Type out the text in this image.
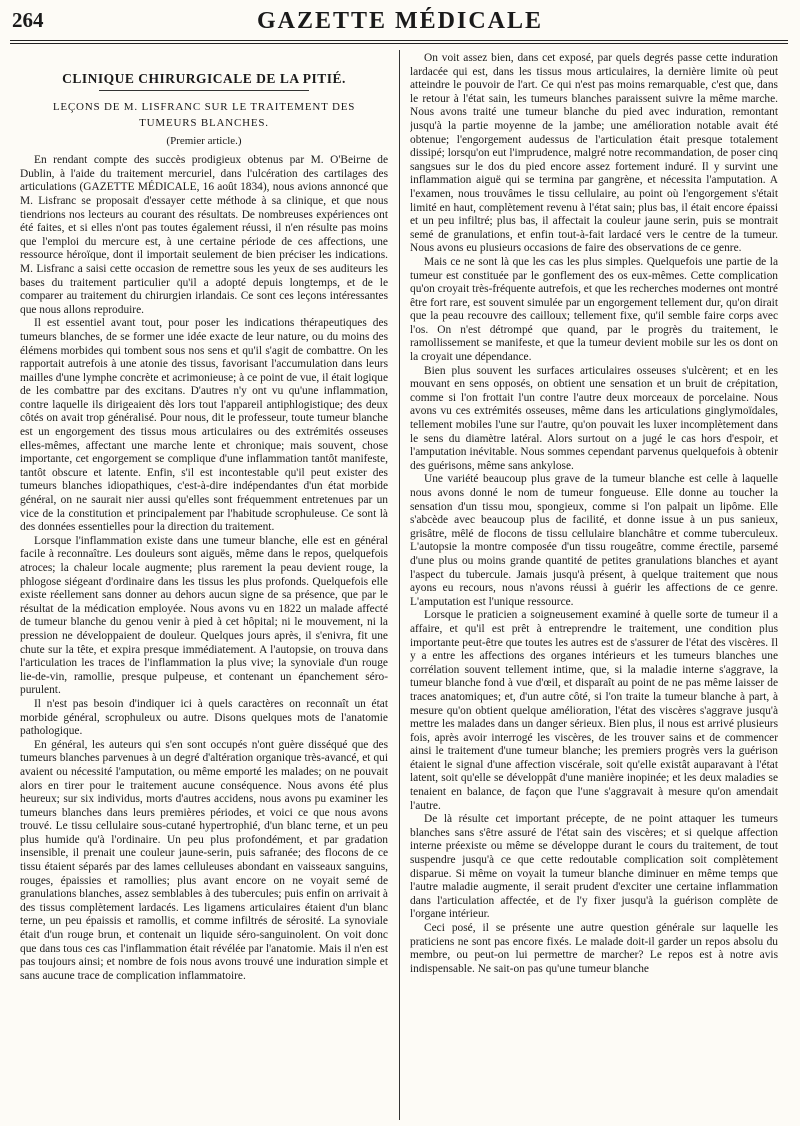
264	GAZETTE MÉDICALE
CLINIQUE CHIRURGICALE DE LA PITIÉ.
LEÇONS DE M. LISFRANC SUR LE TRAITEMENT DES TUMEURS BLANCHES.
(Premier article.)

En rendant compte des succès prodigieux obtenus par M. O'Beirne de Dublin, à l'aide du traitement mercuriel, dans l'ulcération des cartilages des articulations (GAZETTE MÉDICALE, 16 août 1834), nous avions annoncé que M. Lisfranc se proposait d'essayer cette méthode à sa clinique, et que nous tiendrions nos lecteurs au courant des résultats. De nombreuses expériences ont été faites, et si elles n'ont pas toutes également réussi, il n'en résulte pas moins que l'emploi du mercure est, à une certaine période de ces affections, une ressource héroïque, dont il importait seulement de bien préciser les indications. M. Lisfranc a saisi cette occasion de remettre sous les yeux de ses auditeurs les bases du traitement particulier qu'il a adopté depuis longtemps, et de le comparer au traitement du chirurgien irlandais. Ce sont ces leçons intéressantes que nous allons reproduire.

Il est essentiel avant tout, pour poser les indications thérapeutiques des tumeurs blanches, de se former une idée exacte de leur nature, ou du moins des élémens morbides qui tombent sous nos sens et qu'il s'agit de combattre. On les rapportait autrefois à une atonie des tissus, favorisant l'accumulation dans leurs mailles d'une lymphe concrète et acrimonieuse; à ce point de vue, il était logique de les combattre par des excitans. D'autres n'y ont vu qu'une inflammation, contre laquelle ils dirigeaient dès lors tout l'appareil antiphlogistique; des deux côtés on avait trop généralisé. Pour nous, dit le professeur, toute tumeur blanche est un engorgement des tissus mous articulaires ou des extrémités osseuses elles-mêmes, affectant une marche lente et chronique; mais souvent, chose importante, cet engorgement se complique d'une inflammation tantôt manifeste, tantôt obscure et latente. Enfin, s'il est incontestable qu'il peut exister des tumeurs blanches idiopathiques, c'est-à-dire indépendantes d'un état morbide général, on ne saurait nier aussi qu'elles sont fréquemment entretenues par un vice de la constitution et principalement par l'habitude scrophuleuse. Ce sont là des données essentielles pour la direction du traitement.

Lorsque l'inflammation existe dans une tumeur blanche, elle est en général facile à reconnaître. Les douleurs sont aiguës, même dans le repos, quelquefois atroces; la chaleur locale augmente; plus rarement la peau devient rouge, la phlogose siégeant d'ordinaire dans les tissus les plus profonds. Quelquefois elle existe réellement sans donner au dehors aucun signe de sa présence, que par le résultat de la médication employée. Nous avons vu en 1822 un malade affecté de tumeur blanche du genou venir à pied à cet hôpital; ni le mouvement, ni la pression ne développaient de douleur. Quelques jours après, il s'enivra, fit une chute sur la tête, et expira presque immédiatement. A l'autopsie, on trouva dans l'articulation les traces de l'inflammation la plus vive; la synoviale d'un rouge lie-de-vin, ramollie, presque pulpeuse, et contenant un épanchement séro-purulent.

Il n'est pas besoin d'indiquer ici à quels caractères on reconnaît un état morbide général, scrophuleux ou autre. Disons quelques mots de l'anatomie pathologique.

En général, les auteurs qui s'en sont occupés n'ont guère disséqué que des tumeurs blanches parvenues à un degré d'altération organique très-avancé, et qui avaient ou nécessité l'amputation, ou même emporté les malades; on ne pouvait alors en tirer pour le traitement aucune conséquence. Nous avons été plus heureux; sur six individus, morts d'autres accidens, nous avons pu examiner les tumeurs blanches dans leurs premières périodes, et voici ce que nous avons trouvé. Le tissu cellulaire sous-cutané hypertrophié, d'un blanc terne, et un peu plus humide qu'à l'ordinaire. Un peu plus profondément, et par gradation insensible, il prenait une couleur jaune-serin, puis safranée; des flocons de ce tissu étaient séparés par des lames celluleuses abondant en vaisseaux sanguins, rouges, épaissies et ramollies; plus avant encore on ne voyait semé de granulations blanches, assez semblables à des tubercules; puis enfin on arrivait à des tissus complètement lardacés. Les ligamens articulaires étaient d'un blanc terne, un peu épaissis et ramollis, et comme infiltrés de sérosité. La synoviale était d'un rouge brun, et contenait un liquide séro-sanguinolent. On voit donc que dans tous ces cas l'inflammation était révélée par l'anatomie. Mais il n'en est pas toujours ainsi; et nombre de fois nous avons trouvé une induration simple et sans aucune trace de complication inflammatoire.

On voit assez bien, dans cet exposé, par quels degrés passe cette induration lardacée qui est, dans les tissus mous articulaires, la dernière limite où peut atteindre le pouvoir de l'art. Ce qui n'est pas moins remarquable, c'est que, dans le retour à l'état sain, les tumeurs blanches paraissent suivre la même marche. Nous avons traité une tumeur blanche du pied avec induration, remontant jusqu'à la partie moyenne de la jambe; une amélioration notable avait été obtenue; l'engorgement audessus de l'articulation était presque totalement dissipé; lorsqu'on eut l'imprudence, malgré notre recommandation, de poser cinq sangsues sur le dos du pied encore assez fortement induré. Il y survint une inflammation aiguë qui se termina par gangrène, et nécessita l'amputation. A l'examen, nous trouvâmes le tissu cellulaire, au point où l'engorgement s'était limité en haut, complètement revenu à l'état sain; plus bas, il était encore épaissi et un peu infiltré; plus bas, il affectait la couleur jaune serin, puis se montrait semé de granulations, et enfin tout-à-fait lardacé vers le centre de la tumeur. Nous avons eu plusieurs occasions de faire des observations de ce genre.

Mais ce ne sont là que les cas les plus simples. Quelquefois une partie de la tumeur est constituée par le gonflement des os eux-mêmes. Cette complication qu'on croyait très-fréquente autrefois, et que les recherches modernes ont montré être fort rare, est souvent simulée par un engorgement tellement dur, qu'on dirait que la peau recouvre des cailloux; tellement fixe, qu'il semble faire corps avec l'os. On n'est détrompé que quand, par le progrès du traitement, le ramollissement se manifeste, et que la tumeur devient mobile sur les os dont on la croyait une dépendance.

Bien plus souvent les surfaces articulaires osseuses s'ulcèrent; et en les mouvant en sens opposés, on obtient une sensation et un bruit de crépitation, comme si l'on frottait l'un contre l'autre deux morceaux de porcelaine. Nous avons vu ces extrémités osseuses, même dans les articulations ginglymoïdales, tellement mobiles l'une sur l'autre, qu'on pouvait les luxer incomplètement dans le sens du diamètre latéral. Alors surtout on a jugé le cas hors d'espoir, et l'amputation inévitable. Nous sommes cependant parvenus quelquefois à obtenir des guérisons, même sans ankylose.

Une variété beaucoup plus grave de la tumeur blanche est celle à laquelle nous avons donné le nom de tumeur fongueuse. Elle donne au toucher la sensation d'un tissu mou, spongieux, comme si l'on palpait un lipôme. Elle s'abcède avec beaucoup plus de facilité, et donne issue à un pus sanieux, grisâtre, mêlé de flocons de tissu cellulaire blanchâtre et comme tuberculeux. L'autopsie la montre composée d'un tissu rougeâtre, comme érectile, parsemé d'une plus ou moins grande quantité de petites granulations blanches et ayant l'aspect du tubercule. Jamais jusqu'à présent, à quelque traitement que nous ayons eu recours, nous n'avons réussi à guérir les affections de ce genre. L'amputation est l'unique ressource.

Lorsque le praticien a soigneusement examiné à quelle sorte de tumeur il a affaire, et qu'il est prêt à entreprendre le traitement, une condition plus importante peut-être que toutes les autres est de s'assurer de l'état des viscères. Il y a entre les affections des organes intérieurs et les tumeurs blanches une corrélation souvent tellement intime, que, si la maladie interne s'aggrave, la tumeur blanche fond à vue d'œil, et disparaît au point de ne pas même laisser de traces anatomiques; et, d'un autre côté, si l'on traite la tumeur blanche à part, à mesure qu'on obtient quelque amélioration, l'état des viscères s'aggrave jusqu'à mettre les malades dans un danger sérieux. Bien plus, il nous est arrivé plusieurs fois, après avoir interrogé les viscères, de les trouver sains et de commencer ainsi le traitement d'une tumeur blanche; les premiers progrès vers la guérison étaient le signal d'une affection viscérale, soit qu'elle existât auparavant à l'état latent, soit qu'elle se développât d'une manière inopinée; et les deux maladies se tenaient en balance, de façon que l'une s'aggravait à mesure qu'on amendait l'autre.

De là résulte cet important précepte, de ne point attaquer les tumeurs blanches sans s'être assuré de l'état sain des viscères; et si quelque affection interne préexiste ou même se développe durant le cours du traitement, de tout suspendre jusqu'à ce que cette redoutable complication soit complètement disparue. Si même on voyait la tumeur blanche diminuer en même temps que l'autre maladie augmente, il serait prudent d'exciter une certaine inflammation dans l'articulation affectée, et de l'y fixer jusqu'à la guérison complète de l'organe intérieur.

Ceci posé, il se présente une autre question générale sur laquelle les praticiens ne sont pas encore fixés. Le malade doit-il garder un repos absolu du membre, ou peut-on lui permettre de marcher? Le repos est à notre avis indispensable. Ne sait-on pas qu'une tumeur blanche
